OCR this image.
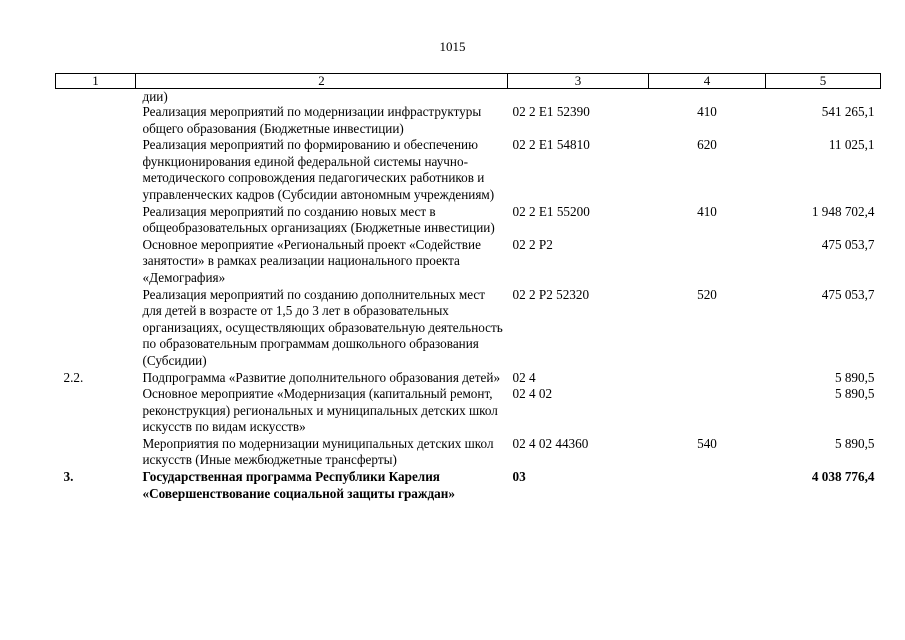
1015
1	2	3	4	5
	дии)			
	Реализация мероприятий по модернизации инфраструктуры общего образования (Бюджетные инвестиции)	02 2 Е1 52390	410	541 265,1
	Реализация мероприятий по формированию и обеспечению функционирования единой федеральной системы научно-методического сопровождения педагогических работников и управленческих кадров (Субсидии автономным учреждениям)	02 2 Е1 54810	620	11 025,1
	Реализация мероприятий по созданию новых мест в общеобразовательных организациях (Бюджетные инвестиции)	02 2 Е1 55200	410	1 948 702,4
	Основное мероприятие «Региональный проект «Содействие занятости» в рамках реализации национального проекта «Демография»	02 2 Р2		475 053,7
	Реализация мероприятий по созданию дополнительных мест для детей в возрасте от 1,5 до 3 лет в образовательных организациях, осуществляющих образовательную деятельность по образовательным программам дошкольного образования (Субсидии)	02 2 Р2 52320	520	475 053,7
2.2.	Подпрограмма «Развитие дополнительного образования детей»	02 4		5 890,5
	Основное мероприятие «Модернизация (капитальный ремонт, реконструкция) региональных и муниципальных детских школ искусств по видам искусств»	02 4 02		5 890,5
	Мероприятия по модернизации муниципальных детских школ искусств (Иные межбюджетные трансферты)	02 4 02 44360	540	5 890,5
3.	Государственная программа Республики Карелия «Совершенствование социальной защиты граждан»	03		4 038 776,4
